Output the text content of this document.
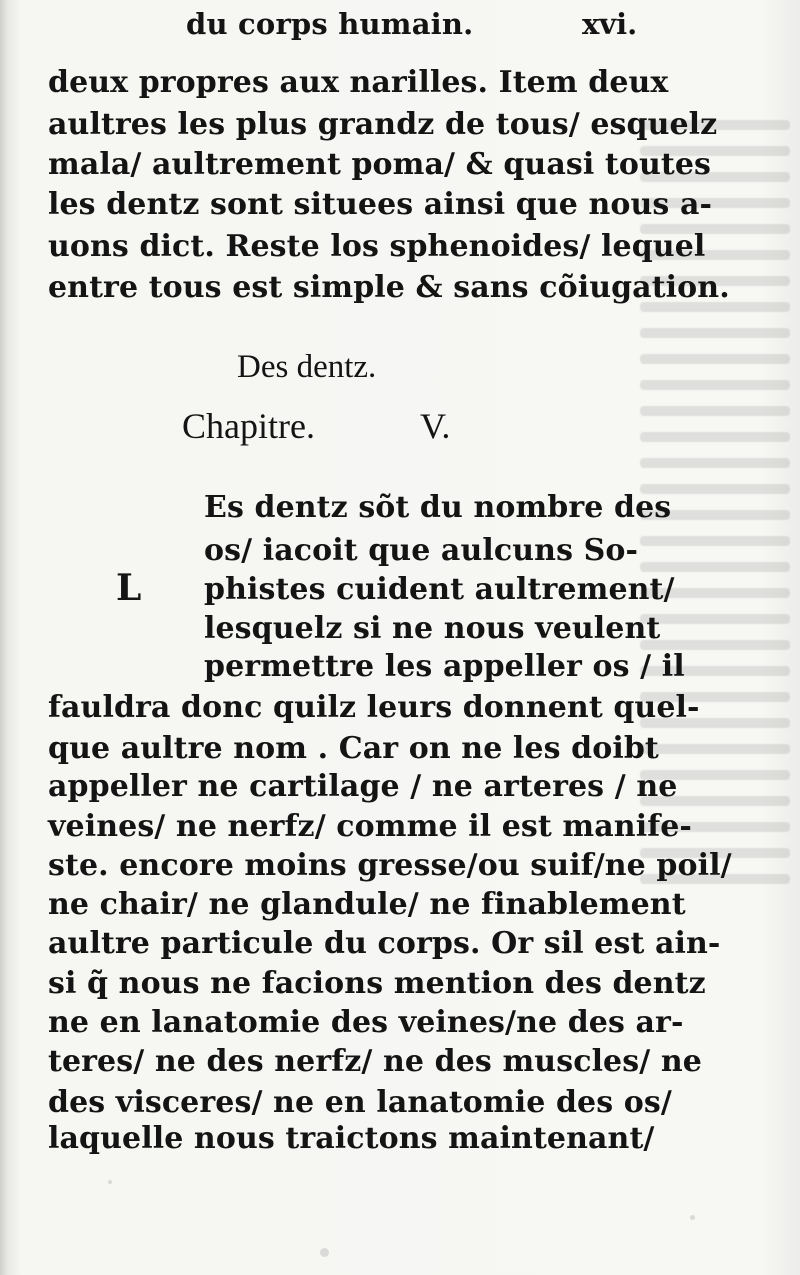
du corps humain.	xvi.
deux propres aux narilles. Item deux
aultres les plus grandz de tous/ esquelz
mala/ aultrement poma/ & quasi toutes
les dentz sont situees ainsi que nous a-
uons dict. Reste los sphenoides/ lequel
entre tous est simple & sans cõiugation.
Des dentz.
Chapitre.	V.
L
Es dentz sõt du nombre des
os/ iacoit que aulcuns So-
phistes cuident aultrement/
lesquelz si ne nous veulent
permettre les appeller os / il
fauldra donc quilz leurs donnent quel-
que aultre nom . Car on ne les doibt
appeller ne cartilage / ne arteres / ne
veines/ ne nerfz/ comme il est manife-
ste. encore moins gresse/ou suif/ne poil/
ne chair/ ne glandule/ ne finablement
aultre particule du corps. Or sil est ain-
si q̃ nous ne facions mention des dentz
ne en lanatomie des veines/ne des ar-
teres/ ne des nerfz/ ne des muscles/ ne
des visceres/ ne en lanatomie des os/
laquelle nous traictons maintenant/
